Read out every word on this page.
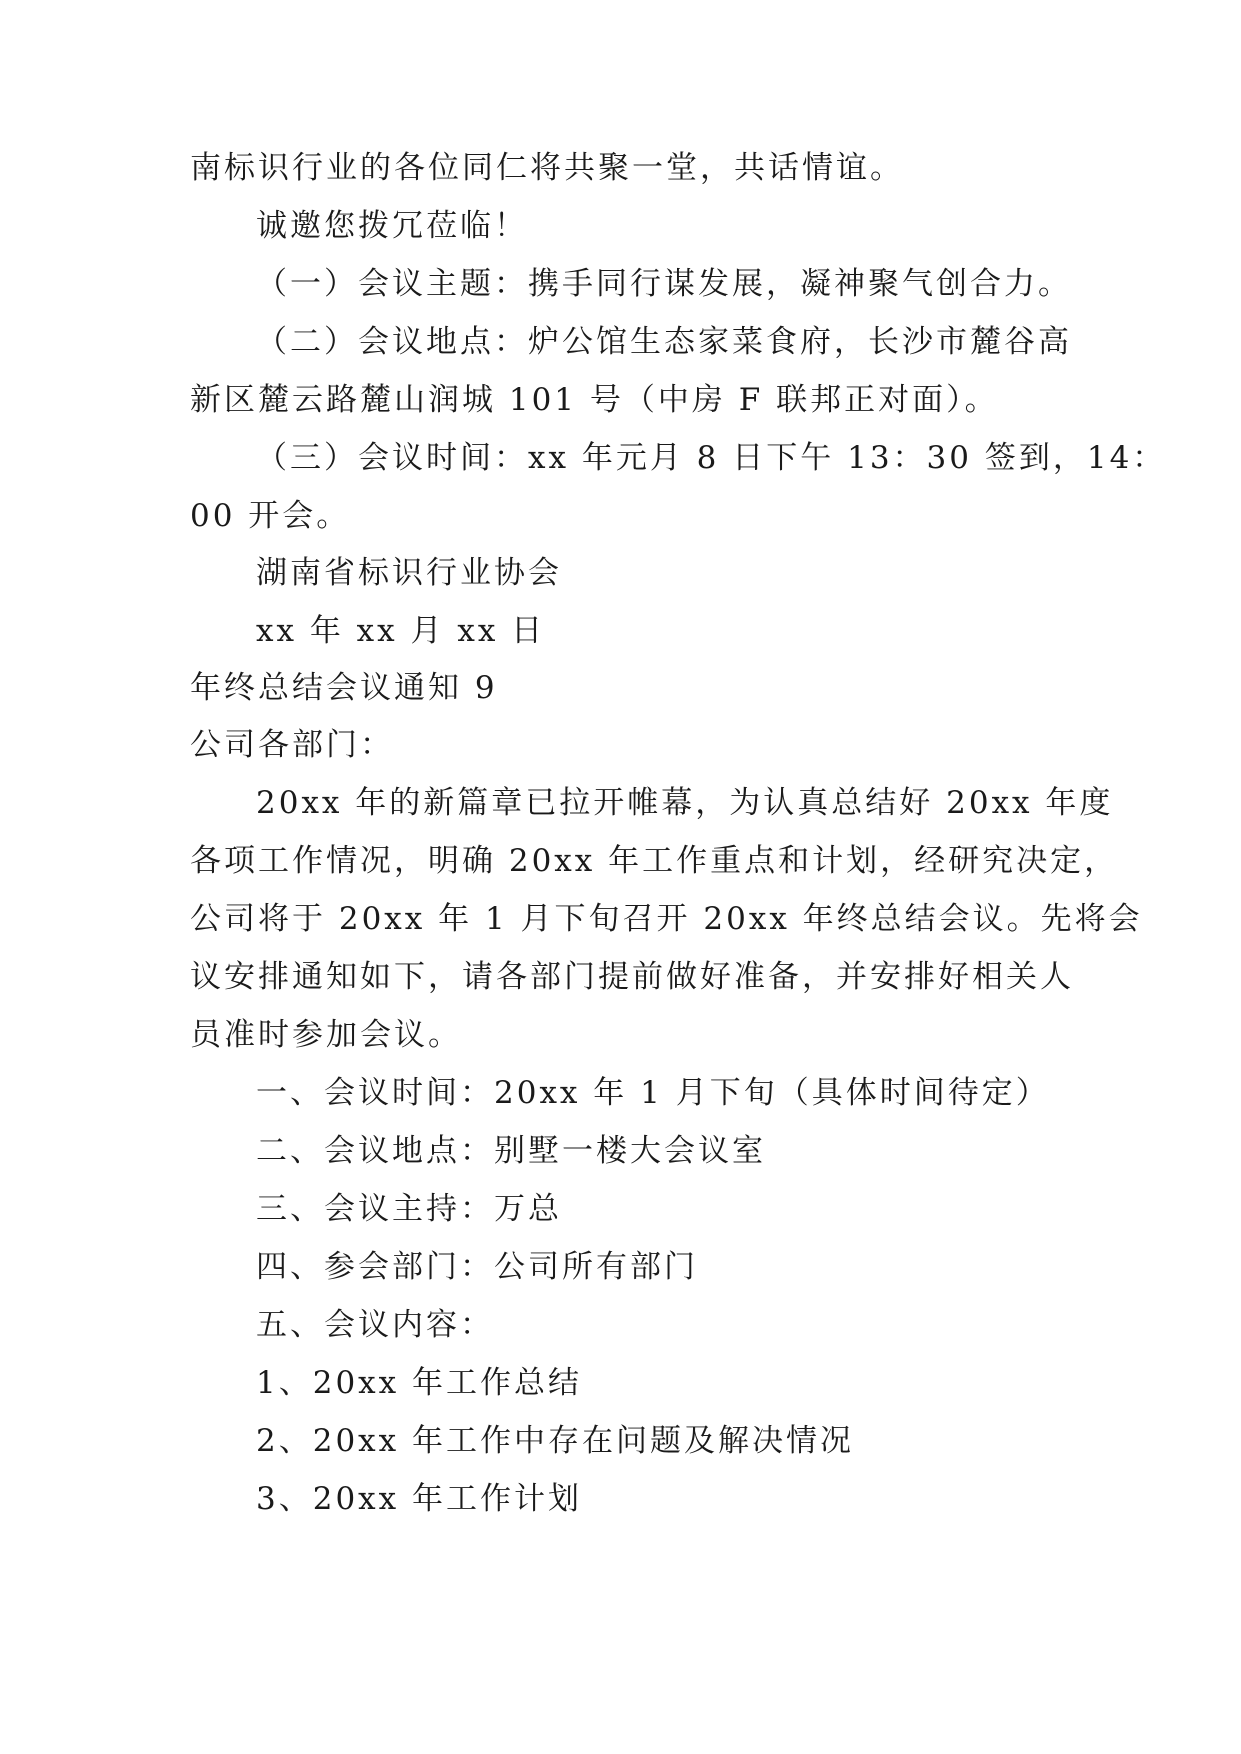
南标识行业的各位同仁将共聚一堂，共话情谊。
诚邀您拨冗莅临！
（一）会议主题：携手同行谋发展，凝神聚气创合力。
（二）会议地点：炉公馆生态家菜食府，长沙市麓谷高
新区麓云路麓山润城 101 号（中房 F 联邦正对面）。
（三）会议时间：xx 年元月 8 日下午 13：30 签到，14：
00 开会。
湖南省标识行业协会
xx 年 xx 月 xx 日
年终总结会议通知 9
公司各部门：
20xx 年的新篇章已拉开帷幕，为认真总结好 20xx 年度
各项工作情况，明确 20xx 年工作重点和计划，经研究决定，
公司将于 20xx 年 1 月下旬召开 20xx 年终总结会议。先将会
议安排通知如下，请各部门提前做好准备，并安排好相关人
员准时参加会议。
一、会议时间：20xx 年 1 月下旬（具体时间待定）
二、会议地点：别墅一楼大会议室
三、会议主持：万总
四、参会部门：公司所有部门
五、会议内容：
1、20xx 年工作总结
2、20xx 年工作中存在问题及解决情况
3、20xx 年工作计划
